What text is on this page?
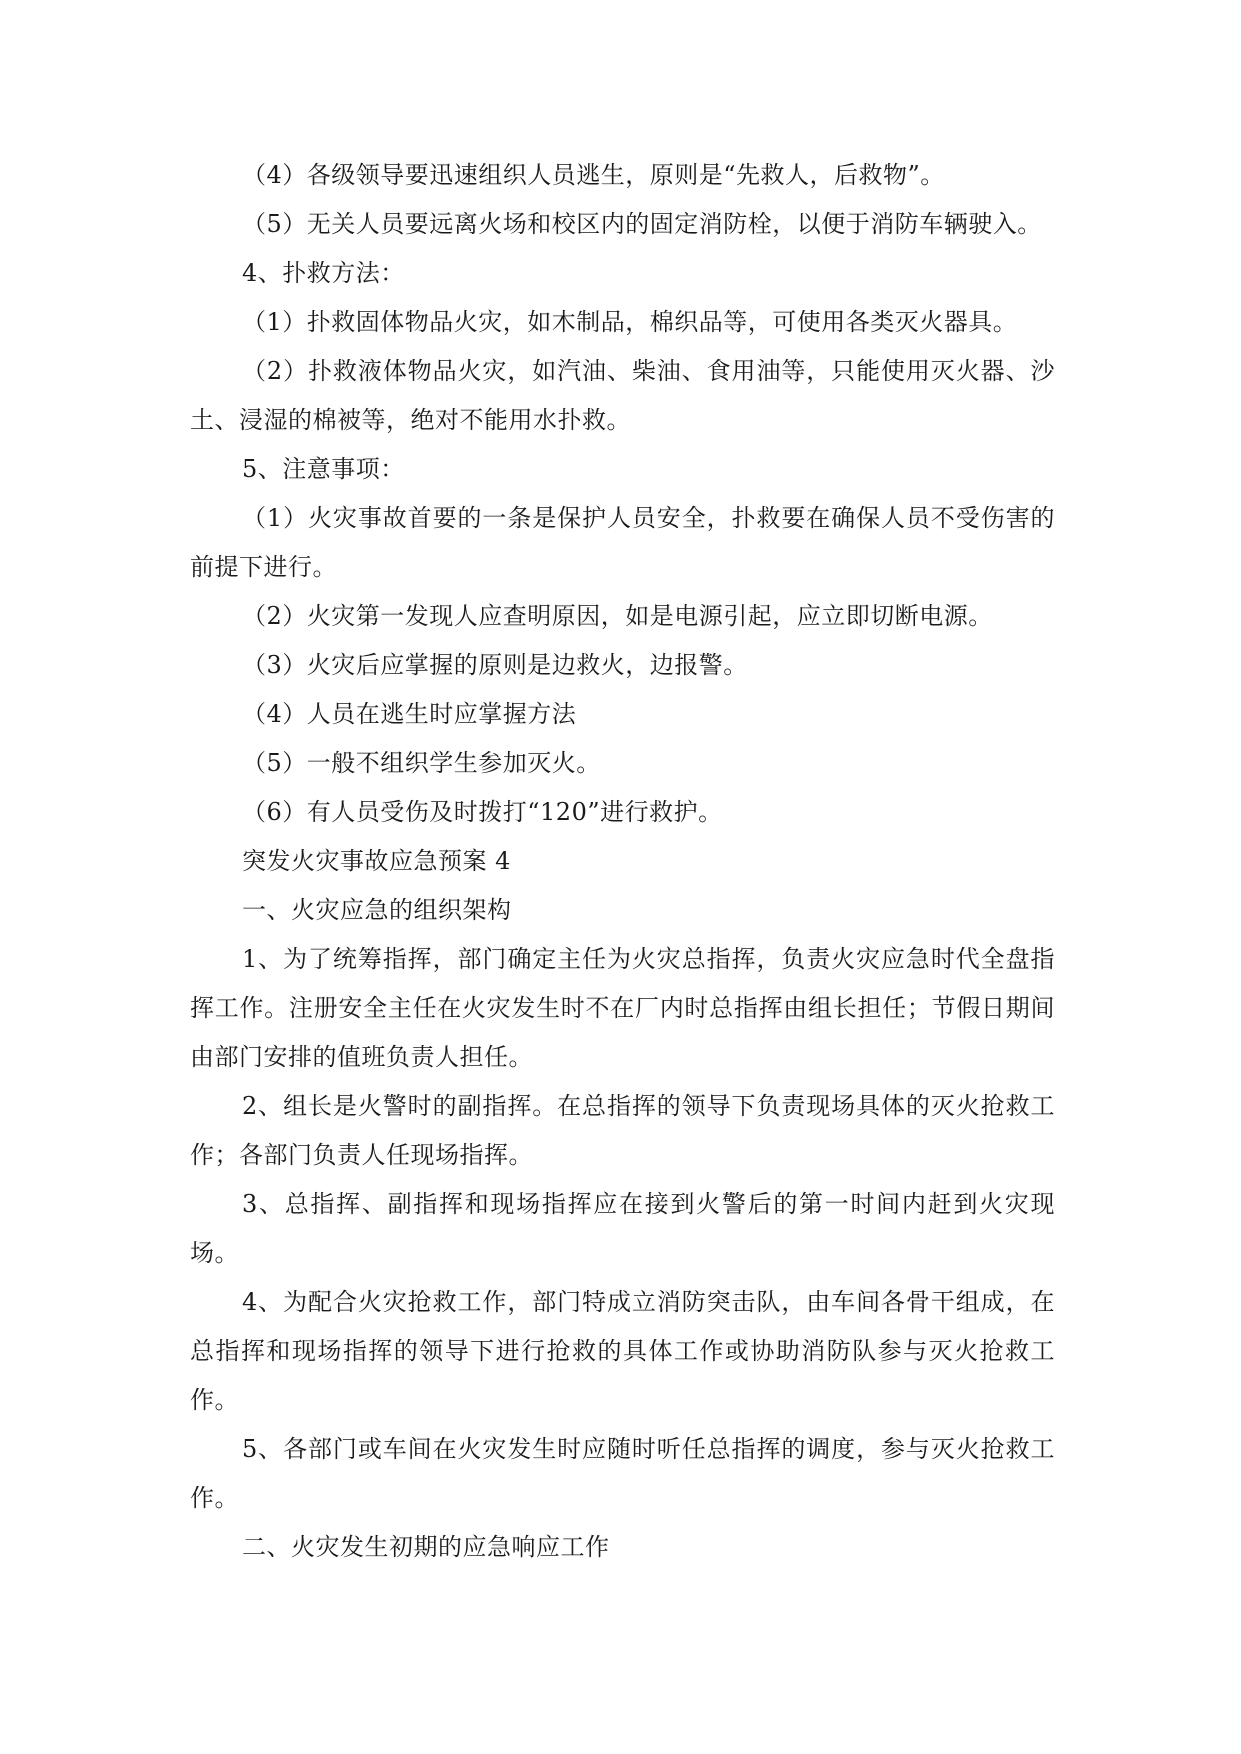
（4）各级领导要迅速组织人员逃生，原则是“先救人，后救物”。

（5）无关人员要远离火场和校区内的固定消防栓，以便于消防车辆驶入。

4、扑救方法：

（1）扑救固体物品火灾，如木制品，棉织品等，可使用各类灭火器具。

（2）扑救液体物品火灾，如汽油、柴油、食用油等，只能使用灭火器、沙土、浸湿的棉被等，绝对不能用水扑救。

5、注意事项：

（1）火灾事故首要的一条是保护人员安全，扑救要在确保人员不受伤害的前提下进行。

（2）火灾第一发现人应查明原因，如是电源引起，应立即切断电源。

（3）火灾后应掌握的原则是边救火，边报警。

（4）人员在逃生时应掌握方法

（5）一般不组织学生参加灭火。

（6）有人员受伤及时拨打“120”进行救护。

突发火灾事故应急预案 4

一、火灾应急的组织架构

1、为了统筹指挥，部门确定主任为火灾总指挥，负责火灾应急时代全盘指挥工作。注册安全主任在火灾发生时不在厂内时总指挥由组长担任；节假日期间由部门安排的值班负责人担任。

2、组长是火警时的副指挥。在总指挥的领导下负责现场具体的灭火抢救工作；各部门负责人任现场指挥。

3、总指挥、副指挥和现场指挥应在接到火警后的第一时间内赶到火灾现场。

4、为配合火灾抢救工作，部门特成立消防突击队，由车间各骨干组成，在总指挥和现场指挥的领导下进行抢救的具体工作或协助消防队参与灭火抢救工作。

5、各部门或车间在火灾发生时应随时听任总指挥的调度，参与灭火抢救工作。

二、火灾发生初期的应急响应工作
